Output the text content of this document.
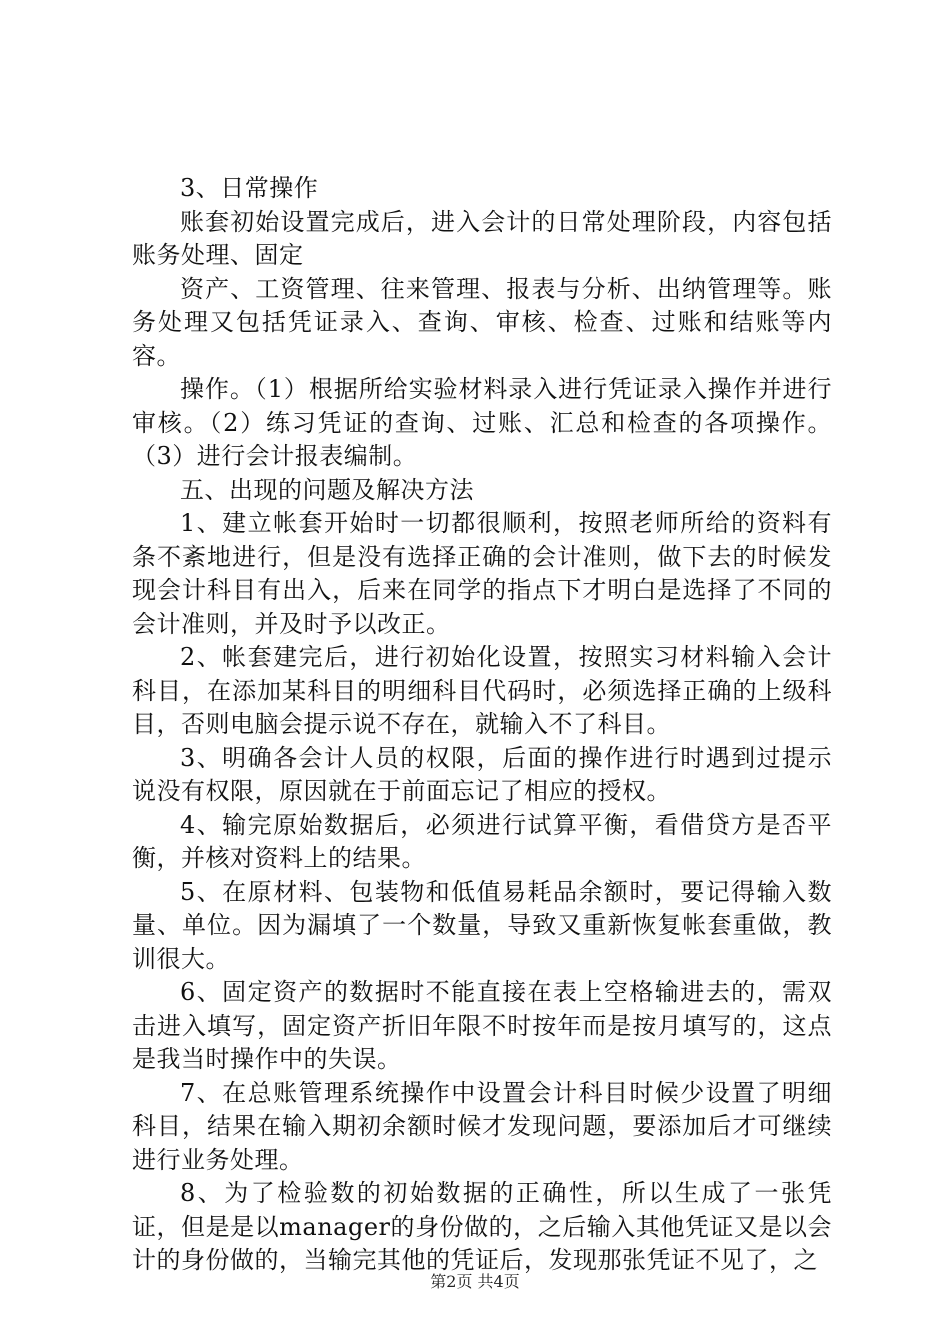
3、日常操作

账套初始设置完成后，进入会计的日常处理阶段，内容包括账务处理、固定

资产、工资管理、往来管理、报表与分析、出纳管理等。账务处理又包括凭证录入、查询、审核、检查、过账和结账等内容。

操作。（1）根据所给实验材料录入进行凭证录入操作并进行审核。（2）练习凭证的查询、过账、汇总和检查的各项操作。（3）进行会计报表编制。

五、出现的问题及解决方法

1、建立帐套开始时一切都很顺利，按照老师所给的资料有条不紊地进行，但是没有选择正确的会计准则，做下去的时候发现会计科目有出入，后来在同学的指点下才明白是选择了不同的会计准则，并及时予以改正。

2、帐套建完后，进行初始化设置，按照实习材料输入会计科目，在添加某科目的明细科目代码时，必须选择正确的上级科目，否则电脑会提示说不存在，就输入不了科目。

3、明确各会计人员的权限，后面的操作进行时遇到过提示说没有权限，原因就在于前面忘记了相应的授权。

4、输完原始数据后，必须进行试算平衡，看借贷方是否平衡，并核对资料上的结果。

5、在原材料、包装物和低值易耗品余额时，要记得输入数量、单位。因为漏填了一个数量，导致又重新恢复帐套重做，教训很大。

6、固定资产的数据时不能直接在表上空格输进去的，需双击进入填写，固定资产折旧年限不时按年而是按月填写的，这点是我当时操作中的失误。

7、在总账管理系统操作中设置会计科目时候少设置了明细科目，结果在输入期初余额时候才发现问题，要添加后才可继续进行业务处理。

8、为了检验数的初始数据的正确性，所以生成了一张凭证，但是是以manager的身份做的，之后输入其他凭证又是以会计的身份做的，当输完其他的凭证后，发现那张凭证不见了，之

第2页 共4页
